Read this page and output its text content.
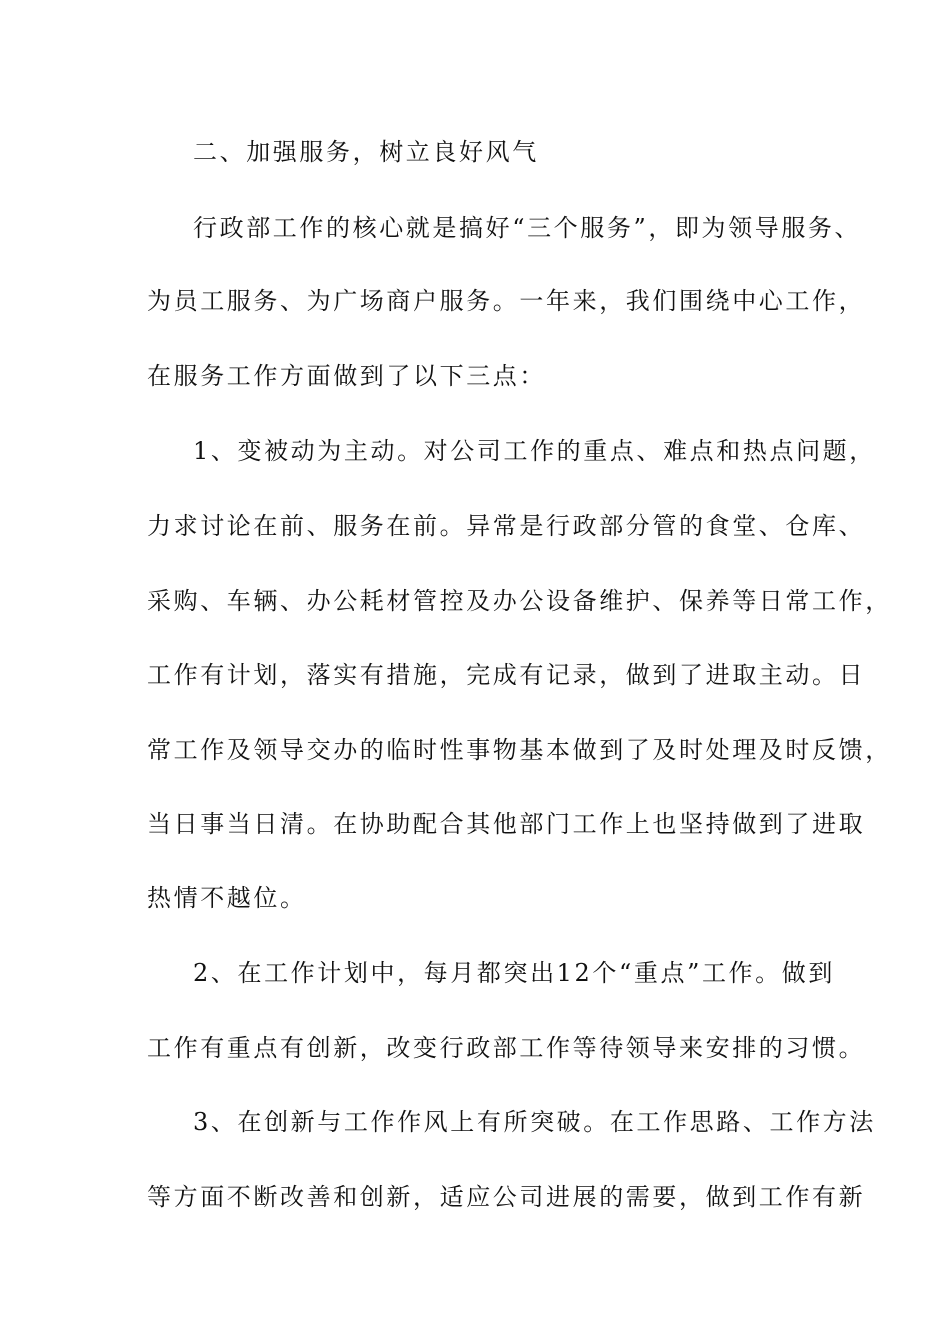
二、加强服务，树立良好风气
行政部工作的核心就是搞好“三个服务”，即为领导服务、
为员工服务、为广场商户服务。一年来，我们围绕中心工作，
在服务工作方面做到了以下三点：
1、变被动为主动。对公司工作的重点、难点和热点问题，
力求讨论在前、服务在前。异常是行政部分管的食堂、仓库、
采购、车辆、办公耗材管控及办公设备维护、保养等日常工作，
工作有计划，落实有措施，完成有记录，做到了进取主动。日
常工作及领导交办的临时性事物基本做到了及时处理及时反馈，
当日事当日清。在协助配合其他部门工作上也坚持做到了进取
热情不越位。
2、在工作计划中，每月都突出12个“重点”工作。做到
工作有重点有创新，改变行政部工作等待领导来安排的习惯。
3、在创新与工作作风上有所突破。在工作思路、工作方法
等方面不断改善和创新，适应公司进展的需要，做到工作有新
